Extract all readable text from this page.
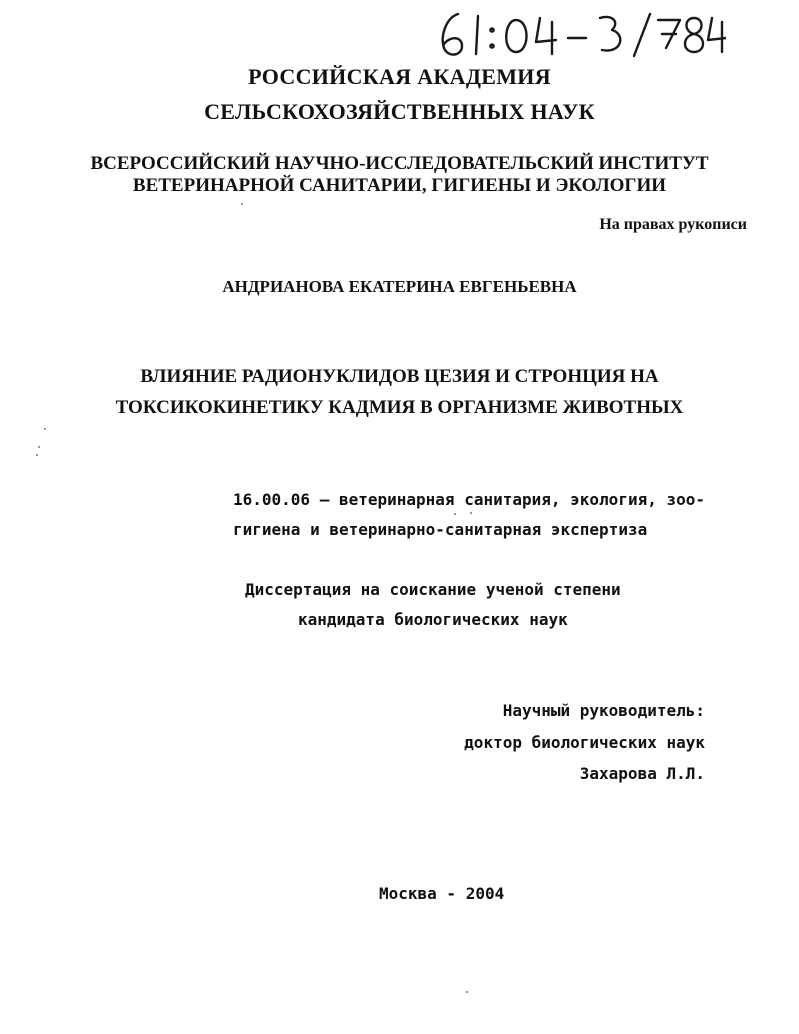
РОССИЙСКАЯ АКАДЕМИЯ
СЕЛЬСКОХОЗЯЙСТВЕННЫХ НАУК
ВСЕРОССИЙСКИЙ НАУЧНО-ИССЛЕДОВАТЕЛЬСКИЙ ИНСТИТУТ
ВЕТЕРИНАРНОЙ САНИТАРИИ, ГИГИЕНЫ И ЭКОЛОГИИ
На правах рукописи
АНДРИАНОВА ЕКАТЕРИНА ЕВГЕНЬЕВНА
ВЛИЯНИЕ РАДИОНУКЛИДОВ ЦЕЗИЯ И СТРОНЦИЯ НА
ТОКСИКОКИНЕТИКУ КАДМИЯ В ОРГАНИЗМЕ ЖИВОТНЫХ
16.00.06 – ветеринарная санитария, экология, зоо-
гигиена и ветеринарно-санитарная экспертиза
Диссертация на соискание ученой степени
кандидата биологических наук
Научный руководитель:
доктор биологических наук
Захарова Л.Л.
Москва - 2004
